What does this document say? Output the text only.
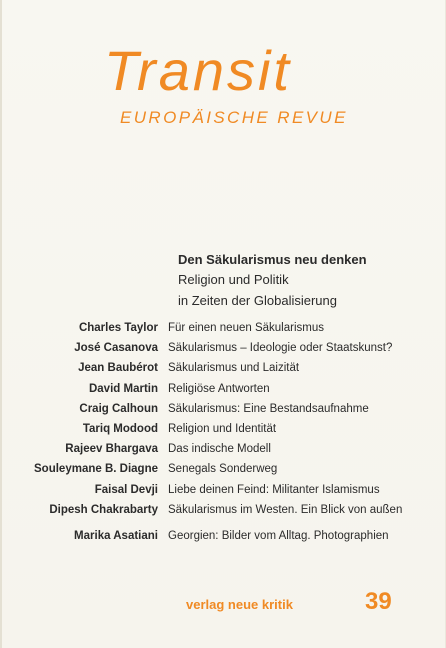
Transit
EUROPÄISCHE REVUE
Den Säkularismus neu denken
Religion und Politik
in Zeiten der Globalisierung
Charles Taylor Für einen neuen Säkularismus
José Casanova Säkularismus – Ideologie oder Staatskunst?
Jean Baubérot Säkularismus und Laizität
David Martin Religiöse Antworten
Craig Calhoun Säkularismus: Eine Bestandsaufnahme
Tariq Modood Religion und Identität
Rajeev Bhargava Das indische Modell
Souleymane B. Diagne Senegals Sonderweg
Faisal Devji Liebe deinen Feind: Militanter Islamismus
Dipesh Chakrabarty Säkularismus im Westen. Ein Blick von außen
Marika Asatiani Georgien: Bilder vom Alltag. Photographien
verlag neue kritik	39
